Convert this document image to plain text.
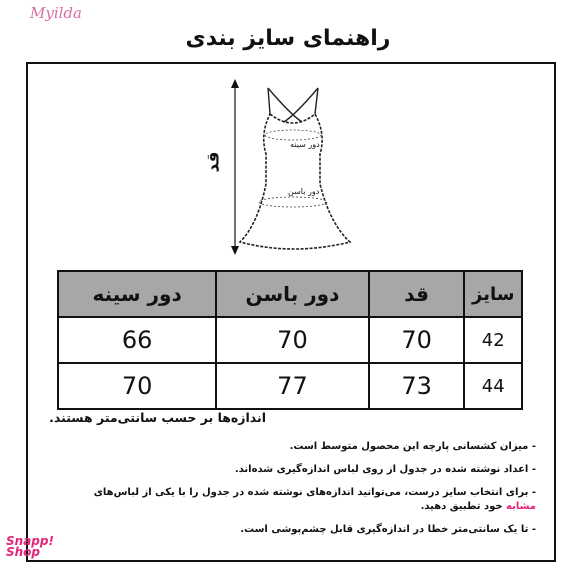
Myilda
راهنمای سایز بندی
دور سینه
دور باسن
قد
سایز	قد	دور باسن	دور سینه
42	70	70	66
44	73	77	70
اندازه‌ها بر حسب سانتی‌متر هستند.
- میزان کشسانی پارچه این محصول متوسط است.
- اعداد نوشته شده در جدول از روی لباس اندازه‌گیری شده‌اند.
- برای انتخاب سایز درست، می‌توانید اندازه‌های نوشته شده در جدول را با یکی از لباس‌های
مشابه خود تطبیق دهید.
- تا یک سانتی‌متر خطا در اندازه‌گیری قابل چشم‌پوشی است.
Snapp!
Shop
